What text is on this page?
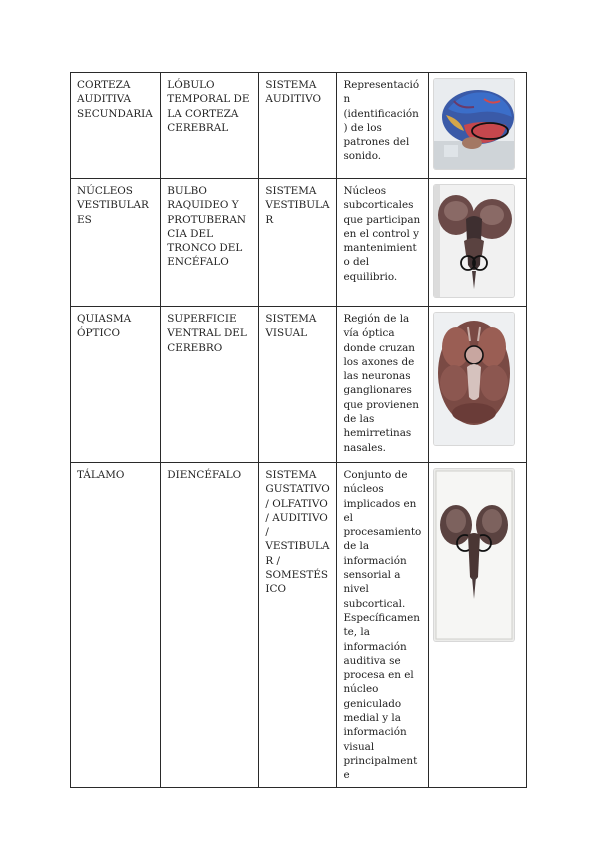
CORTEZA AUDITIVA SECUNDARIA	LÓBULO TEMPORAL DE LA CORTEZA CEREBRAL	SISTEMA AUDITIVO	Representación (identificación) de los patrones del sonido.	

NÚCLEOS VESTIBULARES	BULBO RAQUIDEO Y PROTUBERANCIA DEL TRONCO DEL ENCÉFALO	SISTEMA VESTIBULAR	Núcleos subcorticales que participan en el control y mantenimiento del equilibrio.	

QUIASMA ÓPTICO	SUPERFICIE VENTRAL DEL CEREBRO	SISTEMA VISUAL	Región de la vía óptica donde cruzan los axones de las neuronas ganglionares que provienen de las hemirretinas nasales.	

TÁLAMO	DIENCÉFALO	SISTEMA GUSTATIVO / OLFATIVO / AUDITIVO / VESTIBULAR / SOMESTÉSICO	Conjunto de núcleos implicados en el procesamiento de la información sensorial a nivel subcortical. Específicamente, la información auditiva se procesa en el núcleo geniculado medial y la información visual principalmente	
